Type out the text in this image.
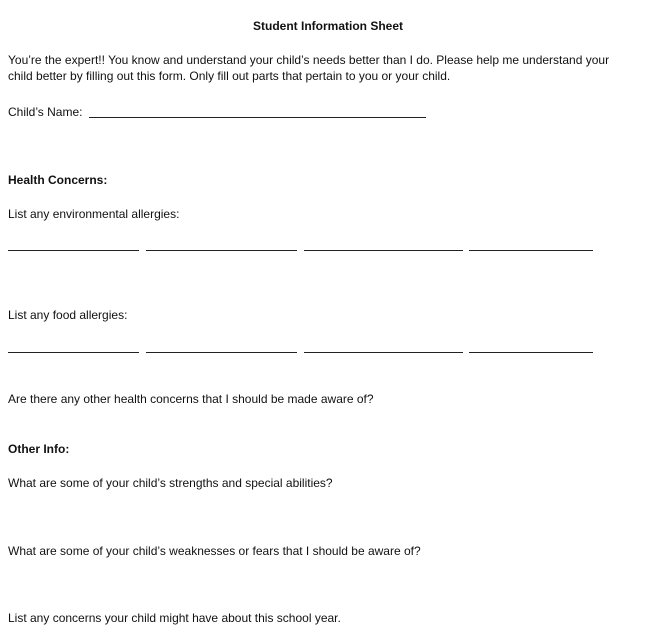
Student Information Sheet
You’re the expert!! You know and understand your child’s needs better than I do. Please help me understand your
child better by filling out this form. Only fill out parts that pertain to you or your child.
Child’s Name:
Health Concerns:
List any environmental allergies:
List any food allergies:
Are there any other health concerns that I should be made aware of?
Other Info:
What are some of your child’s strengths and special abilities?
What are some of your child’s weaknesses or fears that I should be aware of?
List any concerns your child might have about this school year.
